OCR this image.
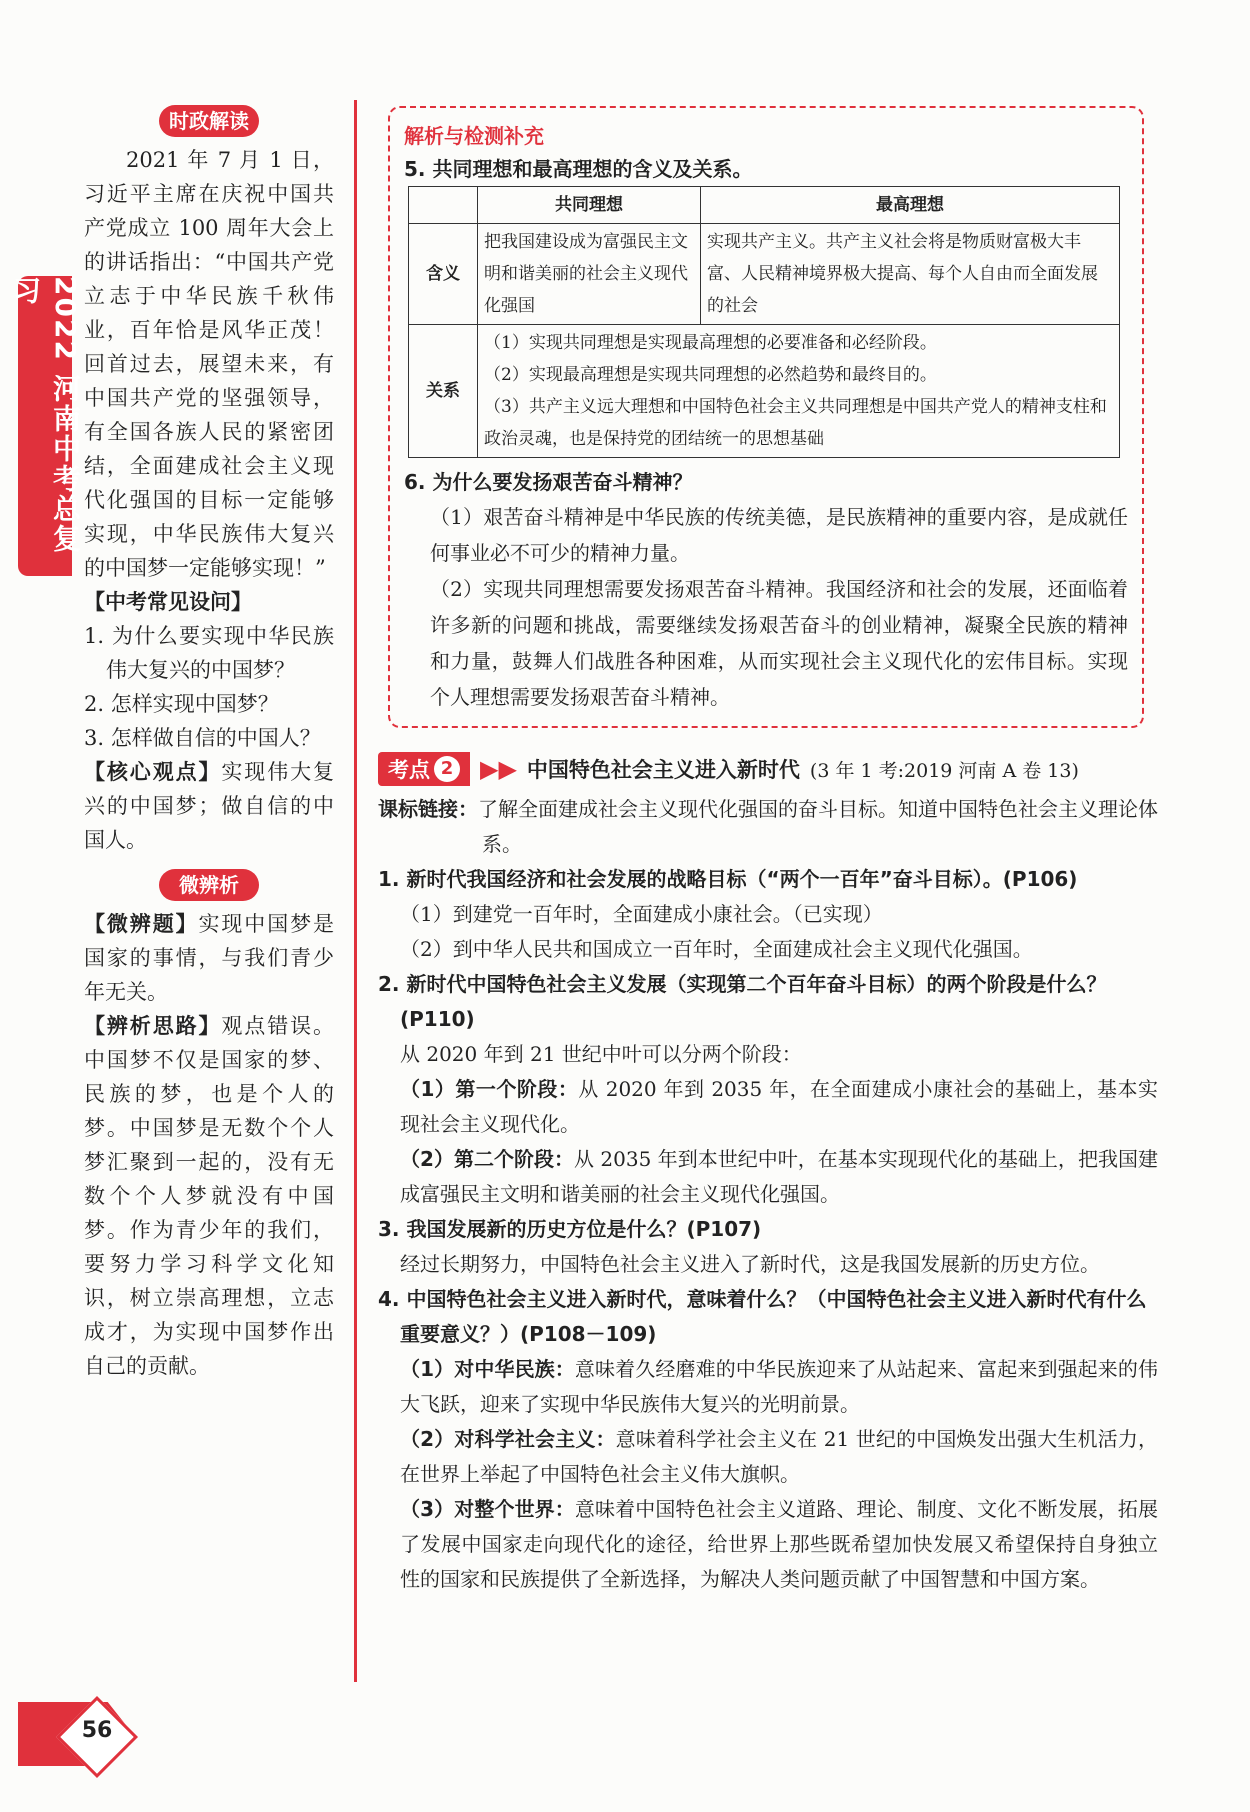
2022 河南中考总复习
时政解读

2021 年 7 月 1 日，习近平主席在庆祝中国共产党成立 100 周年大会上的讲话指出：“中国共产党立志于中华民族千秋伟业，百年恰是风华正茂！回首过去，展望未来，有中国共产党的坚强领导，有全国各族人民的紧密团结，全面建成社会主义现代化强国的目标一定能够实现，中华民族伟大复兴的中国梦一定能够实现！”

【中考常见设问】

1. 为什么要实现中华民族伟大复兴的中国梦？

2. 怎样实现中国梦？

3. 怎样做自信的中国人？

【核心观点】实现伟大复兴的中国梦；做自信的中国人。

微辨析

【微辨题】实现中国梦是国家的事情，与我们青少年无关。

【辨析思路】观点错误。中国梦不仅是国家的梦、民族的梦，也是个人的梦。中国梦是无数个个人梦汇聚到一起的，没有无数个个人梦就没有中国梦。作为青少年的我们，要努力学习科学文化知识，树立崇高理想，立志成才，为实现中国梦作出自己的贡献。

解析与检测补充
5. 共同理想和最高理想的含义及关系。
	共同理想	最高理想
含义	把我国建设成为富强民主文明和谐美丽的社会主义现代化强国	实现共产主义。共产主义社会将是物质财富极大丰富、人民精神境界极大提高、每个人自由而全面发展的社会
关系	（1）实现共同理想是实现最高理想的必要准备和必经阶段。
（2）实现最高理想是实现共同理想的必然趋势和最终目的。
（3）共产主义远大理想和中国特色社会主义共同理想是中国共产党人的精神支柱和政治灵魂，也是保持党的团结统一的思想基础	
6. 为什么要发扬艰苦奋斗精神？

（1）艰苦奋斗精神是中华民族的传统美德，是民族精神的重要内容，是成就任何事业必不可少的精神力量。

（2）实现共同理想需要发扬艰苦奋斗精神。我国经济和社会的发展，还面临着许多新的问题和挑战，需要继续发扬艰苦奋斗的创业精神，凝聚全民族的精神和力量，鼓舞人们战胜各种困难，从而实现社会主义现代化的宏伟目标。实现个人理想需要发扬艰苦奋斗精神。

考点 2 ▶▶ 中国特色社会主义进入新时代 (3 年 1 考:2019 河南 A 卷 13)

课标链接：了解全面建成社会主义现代化强国的奋斗目标。知道中国特色社会主义理论体系。

1. 新时代我国经济和社会发展的战略目标（“两个一百年”奋斗目标）。(P106)

（1）到建党一百年时，全面建成小康社会。（已实现）

（2）到中华人民共和国成立一百年时，全面建成社会主义现代化强国。

2. 新时代中国特色社会主义发展（实现第二个百年奋斗目标）的两个阶段是什么？(P110)

从 2020 年到 21 世纪中叶可以分两个阶段：

（1）第一个阶段：从 2020 年到 2035 年，在全面建成小康社会的基础上，基本实现社会主义现代化。

（2）第二个阶段：从 2035 年到本世纪中叶，在基本实现现代化的基础上，把我国建成富强民主文明和谐美丽的社会主义现代化强国。

3. 我国发展新的历史方位是什么？(P107)

经过长期努力，中国特色社会主义进入了新时代，这是我国发展新的历史方位。

4. 中国特色社会主义进入新时代，意味着什么？（中国特色社会主义进入新时代有什么重要意义？）(P108－109)

（1）对中华民族：意味着久经磨难的中华民族迎来了从站起来、富起来到强起来的伟大飞跃，迎来了实现中华民族伟大复兴的光明前景。

（2）对科学社会主义：意味着科学社会主义在 21 世纪的中国焕发出强大生机活力，在世界上举起了中国特色社会主义伟大旗帜。

（3）对整个世界：意味着中国特色社会主义道路、理论、制度、文化不断发展，拓展了发展中国家走向现代化的途径，给世界上那些既希望加快发展又希望保持自身独立性的国家和民族提供了全新选择，为解决人类问题贡献了中国智慧和中国方案。

56
